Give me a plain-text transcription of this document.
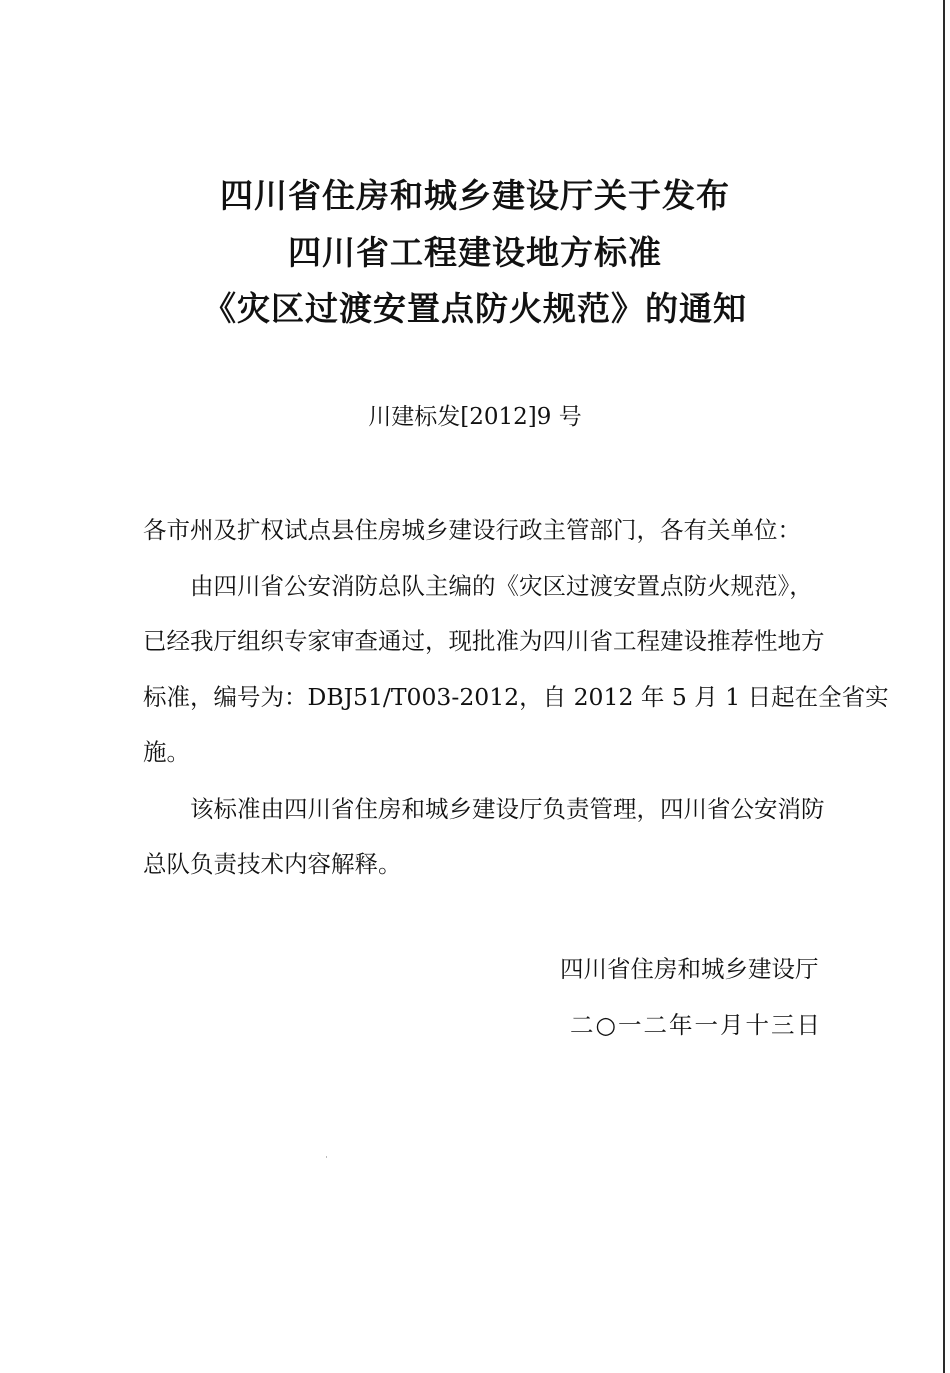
四川省住房和城乡建设厅关于发布
四川省工程建设地方标准
《灾区过渡安置点防火规范》的通知
川建标发[2012]9 号
各市州及扩权试点县住房城乡建设行政主管部门，各有关单位：
由四川省公安消防总队主编的《灾区过渡安置点防火规范》，
已经我厅组织专家审查通过，现批准为四川省工程建设推荐性地方
标准，编号为：DBJ51/T003-2012，自 2012 年 5 月 1 日起在全省实
施。
该标准由四川省住房和城乡建设厅负责管理，四川省公安消防
总队负责技术内容解释。
四川省住房和城乡建设厅
二○一二年一月十三日
